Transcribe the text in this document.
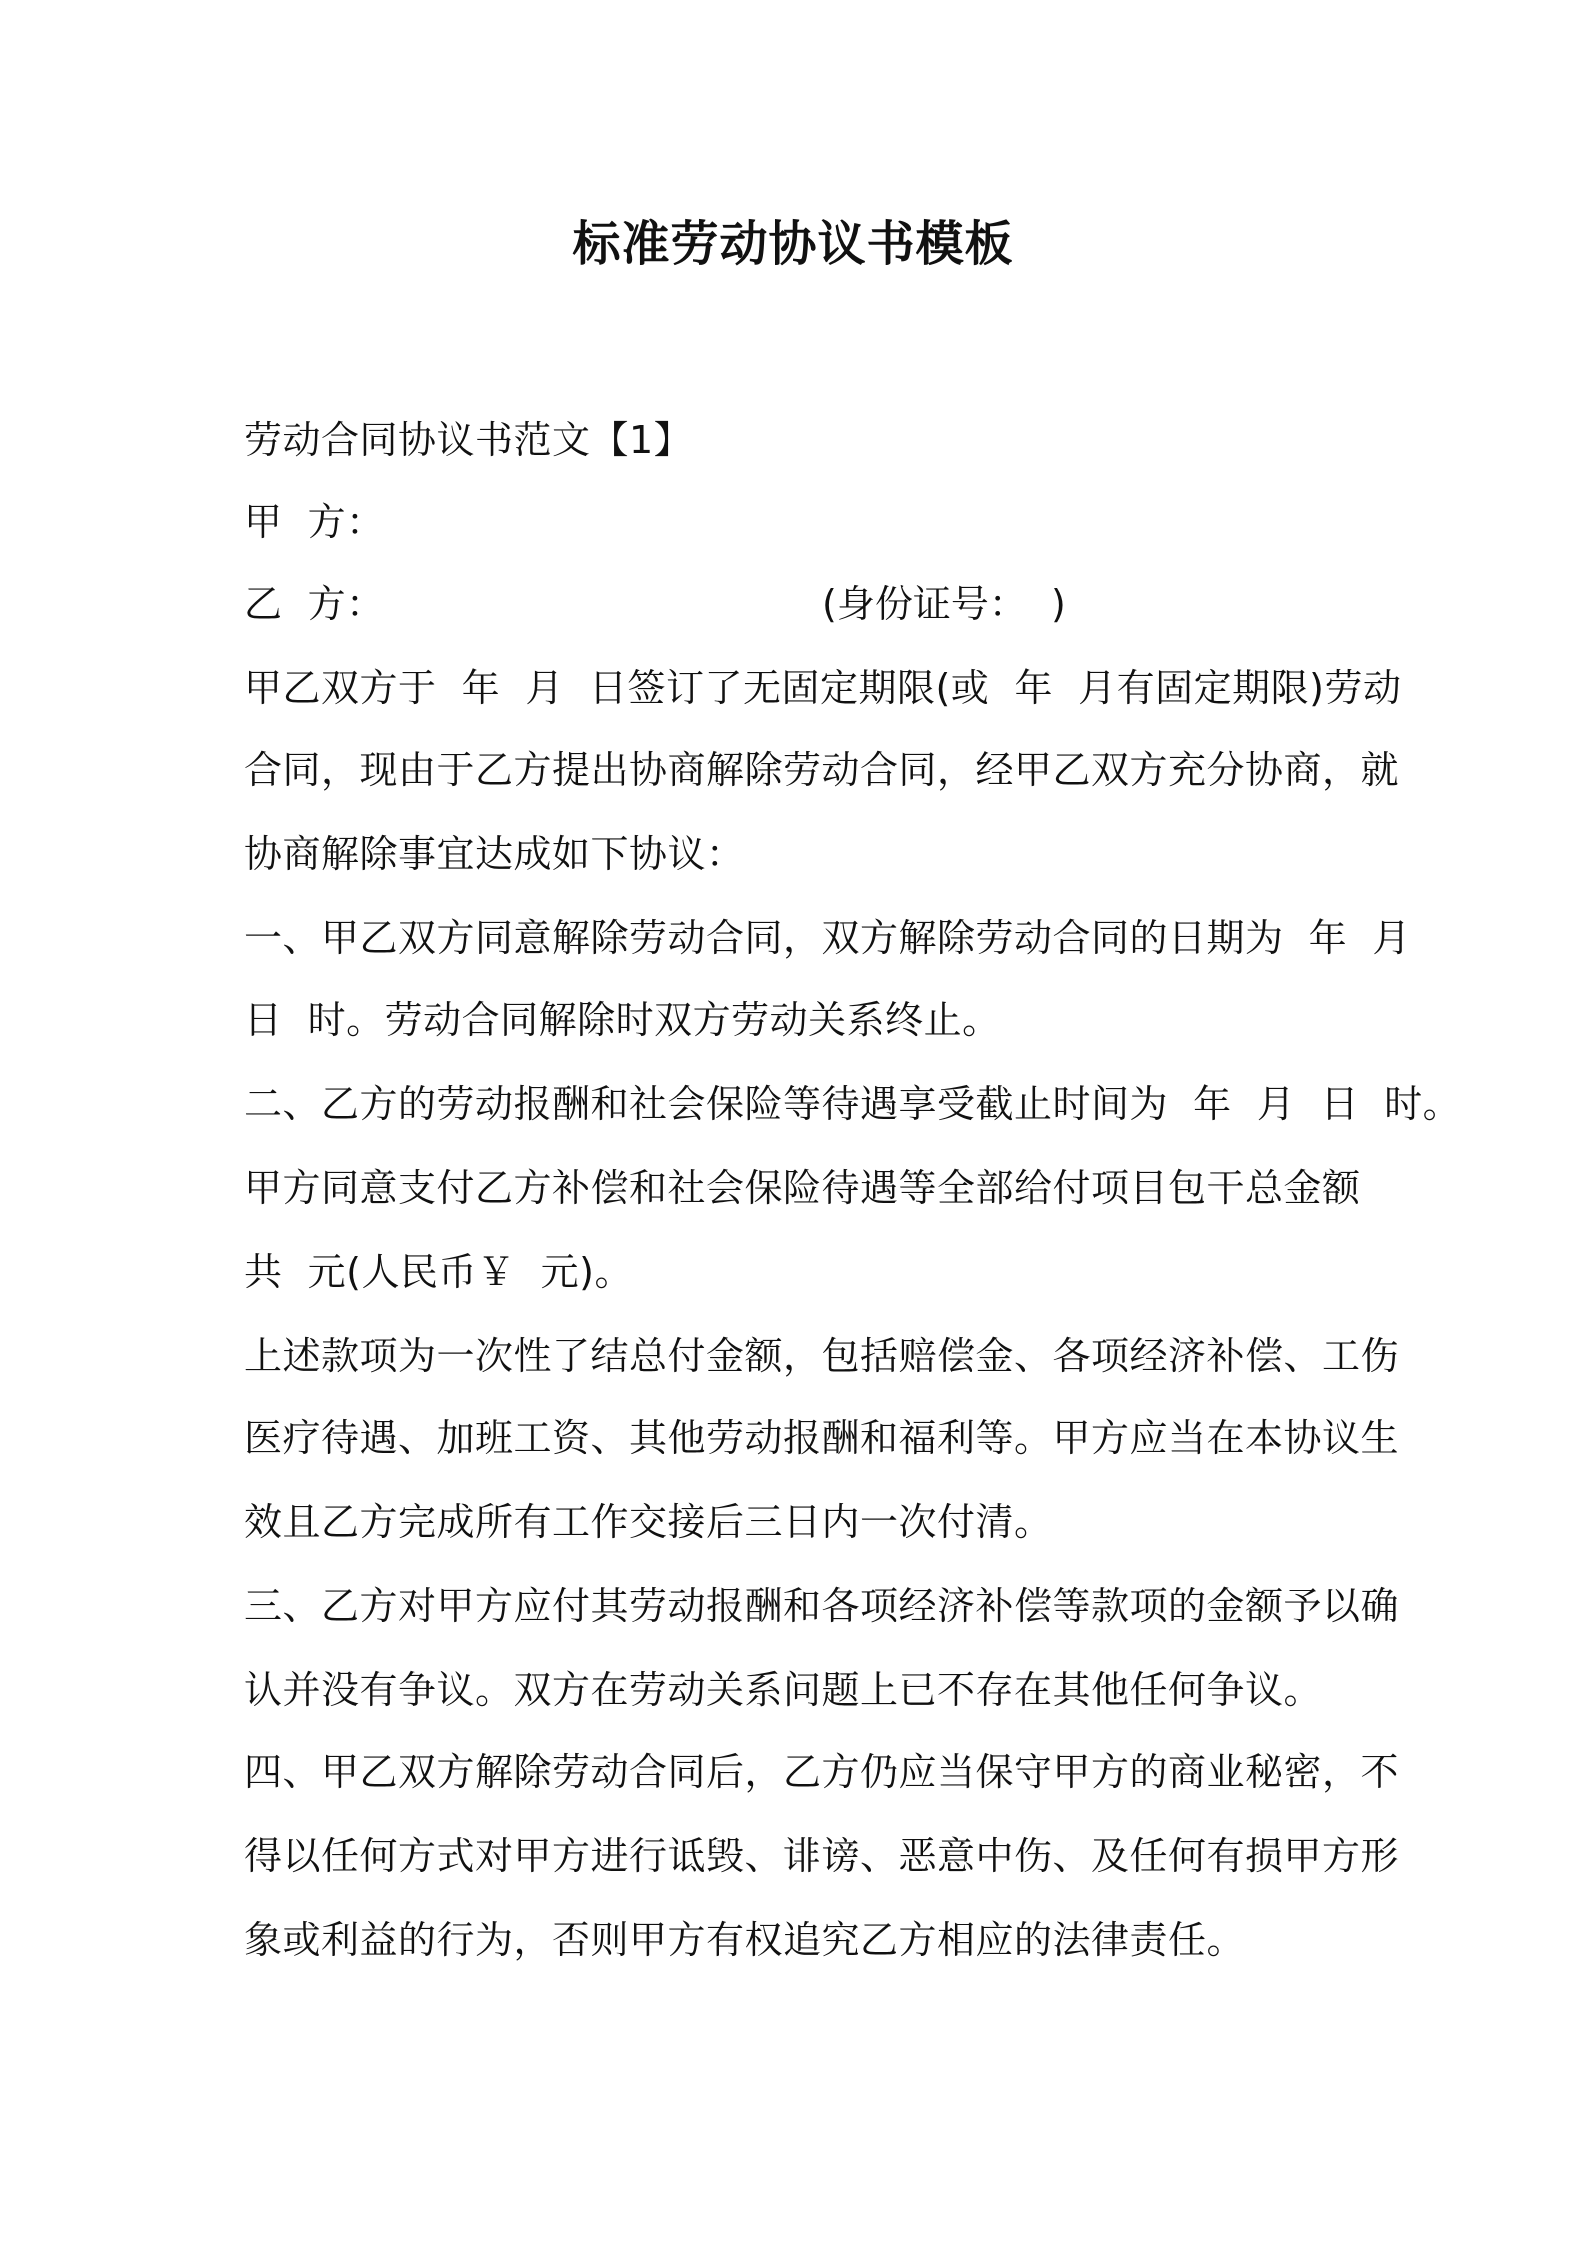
标准劳动协议书模板
劳动合同协议书范文【1】
甲  方：
乙  方：	(身份证号：  )
甲乙双方于  年  月  日签订了无固定期限(或  年  月有固定期限)劳动
合同，现由于乙方提出协商解除劳动合同，经甲乙双方充分协商，就
协商解除事宜达成如下协议：
一、甲乙双方同意解除劳动合同，双方解除劳动合同的日期为  年  月
日  时。劳动合同解除时双方劳动关系终止。
二、乙方的劳动报酬和社会保险等待遇享受截止时间为  年  月  日  时。
甲方同意支付乙方补偿和社会保险待遇等全部给付项目包干总金额
共  元(人民币￥  元)。
上述款项为一次性了结总付金额，包括赔偿金、各项经济补偿、工伤
医疗待遇、加班工资、其他劳动报酬和福利等。甲方应当在本协议生
效且乙方完成所有工作交接后三日内一次付清。
三、乙方对甲方应付其劳动报酬和各项经济补偿等款项的金额予以确
认并没有争议。双方在劳动关系问题上已不存在其他任何争议。
四、甲乙双方解除劳动合同后，乙方仍应当保守甲方的商业秘密，不
得以任何方式对甲方进行诋毁、诽谤、恶意中伤、及任何有损甲方形
象或利益的行为，否则甲方有权追究乙方相应的法律责任。
